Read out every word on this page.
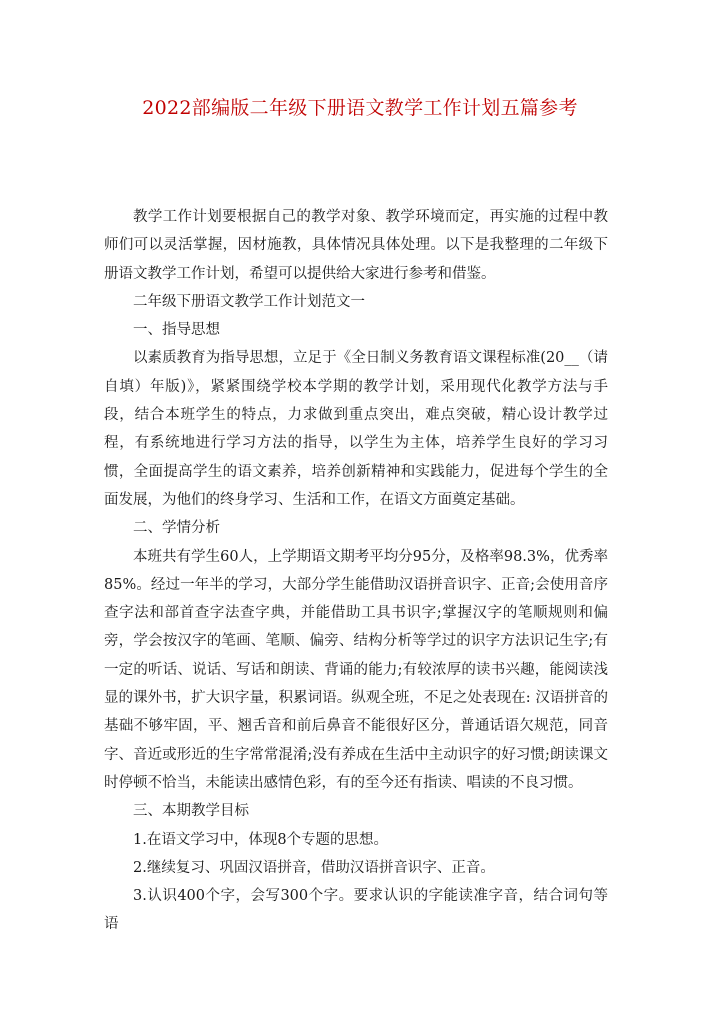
2022部编版二年级下册语文教学工作计划五篇参考

教学工作计划要根据自己的教学对象、教学环境而定，再实施的过程中教师们可以灵活掌握，因材施教，具体情况具体处理。以下是我整理的二年级下册语文教学工作计划，希望可以提供给大家进行参考和借鉴。

二年级下册语文教学工作计划范文一

一、指导思想

以素质教育为指导思想，立足于《全日制义务教育语文课程标准(20__（请自填）年版)》，紧紧围绕学校本学期的教学计划，采用现代化教学方法与手段，结合本班学生的特点，力求做到重点突出，难点突破，精心设计教学过程，有系统地进行学习方法的指导，以学生为主体，培养学生良好的学习习惯，全面提高学生的语文素养，培养创新精神和实践能力，促进每个学生的全面发展，为他们的终身学习、生活和工作，在语文方面奠定基础。

二、学情分析

本班共有学生60人，上学期语文期考平均分95分，及格率98.3%，优秀率85%。经过一年半的学习，大部分学生能借助汉语拼音识字、正音;会使用音序查字法和部首查字法查字典，并能借助工具书识字;掌握汉字的笔顺规则和偏旁，学会按汉字的笔画、笔顺、偏旁、结构分析等学过的识字方法识记生字;有一定的听话、说话、写话和朗读、背诵的能力;有较浓厚的读书兴趣，能阅读浅显的课外书，扩大识字量，积累词语。纵观全班，不足之处表现在: 汉语拼音的基础不够牢固，平、翘舌音和前后鼻音不能很好区分，普通话语欠规范，同音字、音近或形近的生字常常混淆;没有养成在生活中主动识字的好习惯;朗读课文时停顿不恰当，未能读出感情色彩，有的至今还有指读、唱读的不良习惯。

三、本期教学目标

1.在语文学习中，体现8个专题的思想。

2.继续复习、巩固汉语拼音，借助汉语拼音识字、正音。

3.认识400个字，会写300个字。要求认识的字能读准字音，结合词句等语
